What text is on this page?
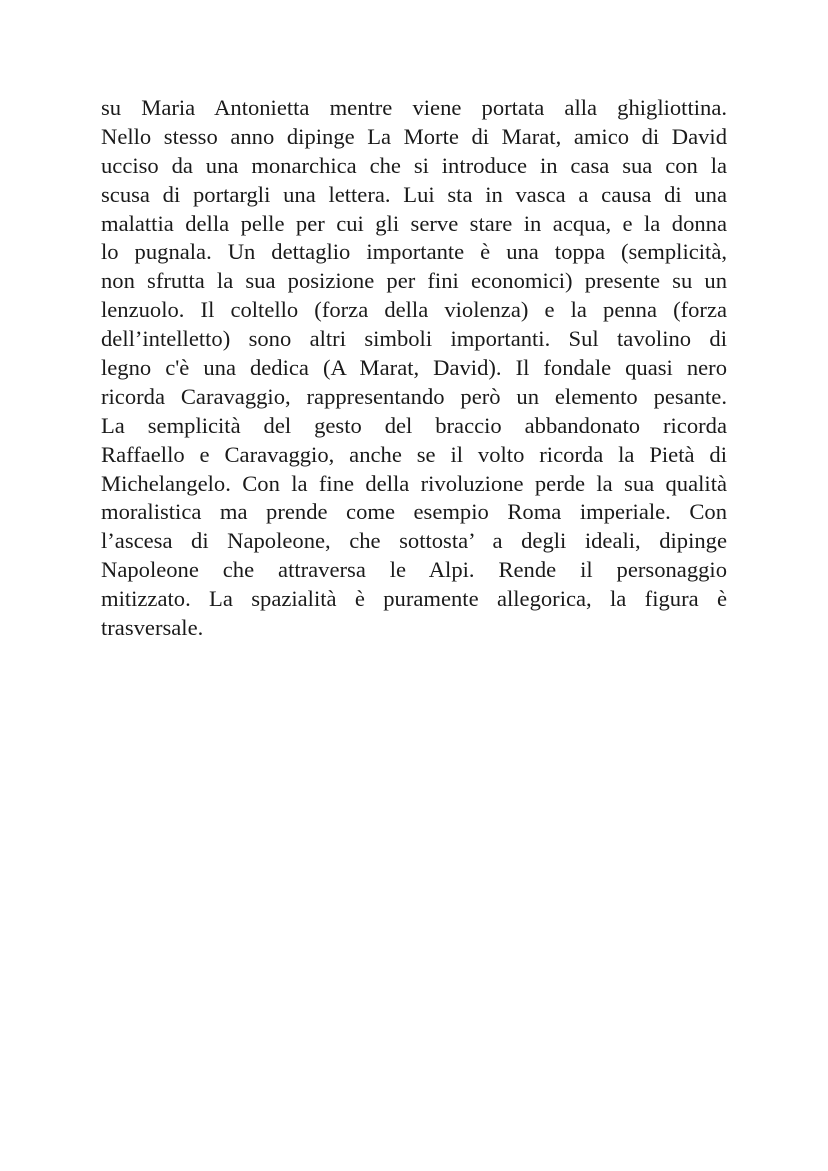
su Maria Antonietta mentre viene portata alla ghigliottina.
Nello stesso anno dipinge La Morte di Marat, amico di David
ucciso da una monarchica che si introduce in casa sua con la
scusa di portargli una lettera. Lui sta in vasca a causa di una
malattia della pelle per cui gli serve stare in acqua, e la donna
lo pugnala. Un dettaglio importante è una toppa (semplicità,
non sfrutta la sua posizione per fini economici) presente su un
lenzuolo. Il coltello (forza della violenza) e la penna (forza
dell’intelletto) sono altri simboli importanti. Sul tavolino di
legno c'è una dedica (A Marat, David). Il fondale quasi nero
ricorda Caravaggio, rappresentando però un elemento pesante.
La semplicità del gesto del braccio abbandonato ricorda
Raffaello e Caravaggio, anche se il volto ricorda la Pietà di
Michelangelo. Con la fine della rivoluzione perde la sua qualità
moralistica ma prende come esempio Roma imperiale. Con
l’ascesa di Napoleone, che sottosta’ a degli ideali, dipinge
Napoleone che attraversa le Alpi. Rende il personaggio
mitizzato. La spazialità è puramente allegorica, la figura è
trasversale.
